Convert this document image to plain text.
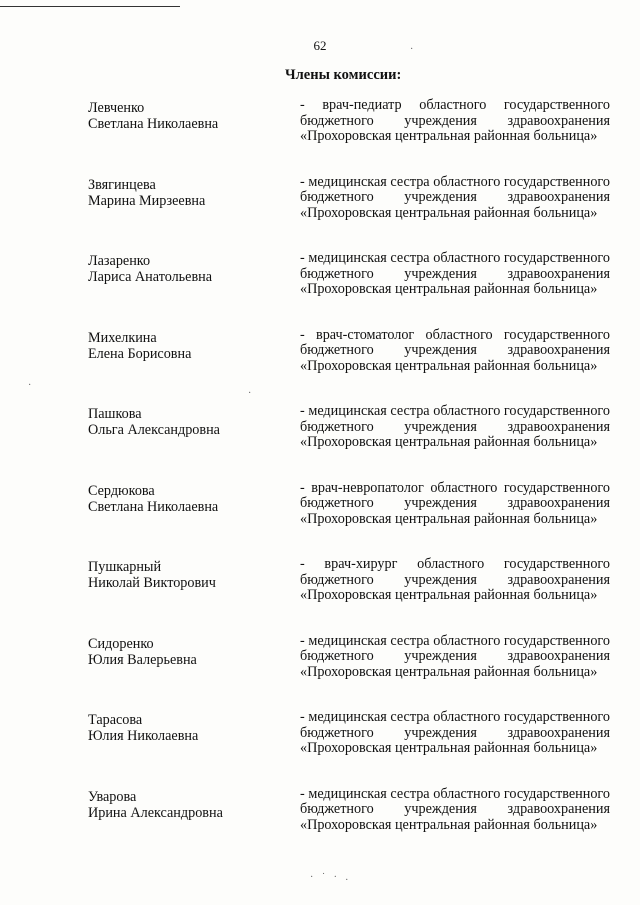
62
Члены комиссии:
Левченко
Светлана Николаевна
- врач-педиатр областного государственного бюджетного учреждения здравоохранения «Прохоровская центральная районная больница»
Звягинцева
Марина Мирзеевна
- медицинская сестра областного государственного бюджетного учреждения здравоохранения «Прохоровская центральная районная больница»
Лазаренко
Лариса Анатольевна
- медицинская сестра областного государственного бюджетного учреждения здравоохранения «Прохоровская центральная районная больница»
Михелкина
Елена Борисовна
- врач-стоматолог областного государственного бюджетного учреждения здравоохранения «Прохоровская центральная районная больница»
Пашкова
Ольга Александровна
- медицинская сестра областного государственного бюджетного учреждения здравоохранения «Прохоровская центральная районная больница»
Сердюкова
Светлана Николаевна
- врач-невропатолог областного государственного бюджетного учреждения здравоохранения «Прохоровская центральная районная больница»
Пушкарный
Николай Викторович
- врач-хирург областного государственного бюджетного учреждения здравоохранения «Прохоровская центральная районная больница»
Сидоренко
Юлия Валерьевна
- медицинская сестра областного государственного бюджетного учреждения здравоохранения «Прохоровская центральная районная больница»
Тарасова
Юлия Николаевна
- медицинская сестра областного государственного бюджетного учреждения здравоохранения «Прохоровская центральная районная больница»
Уварова
Ирина Александровна
- медицинская сестра областного государственного бюджетного учреждения здравоохранения «Прохоровская центральная районная больница»
·
·
·
· ˙ · .
